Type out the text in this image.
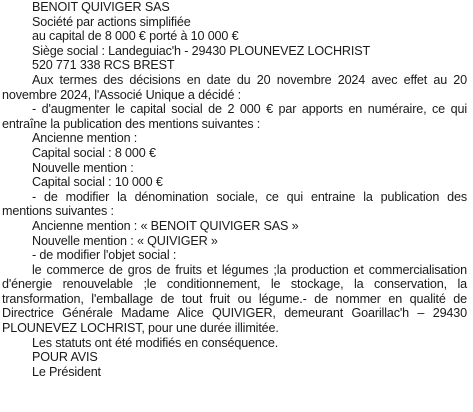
BENOIT QUIVIGER SAS
Société par actions simplifiée
au capital de 8 000 € porté à 10 000 €
Siège social : Landeguiac'h - 29430 PLOUNEVEZ LOCHRIST
520 771 338 RCS BREST
Aux termes des décisions en date du 20 novembre 2024 avec effet au 20 novembre 2024, l'Associé Unique a décidé :
- d'augmenter le capital social de 2 000 € par apports en numéraire, ce qui entraîne la publication des mentions suivantes :
Ancienne mention :
Capital social : 8 000 €
Nouvelle mention :
Capital social : 10 000 €
- de modifier la dénomination sociale, ce qui entraine la publication des mentions suivantes :
Ancienne mention : « BENOIT QUIVIGER SAS »
Nouvelle mention : « QUIVIGER »
- de modifier l'objet social :
le commerce de gros de fruits et légumes ;la production et commercialisation d'énergie renouvelable ;le conditionnement, le stockage, la conservation, la transformation, l'emballage de tout fruit ou légume.- de nommer en qualité de Directrice Générale Madame Alice QUIVIGER, demeurant Goarillac'h – 29430 PLOUNEVEZ LOCHRIST, pour une durée illimitée.
Les statuts ont été modifiés en conséquence.
POUR AVIS
Le Président
